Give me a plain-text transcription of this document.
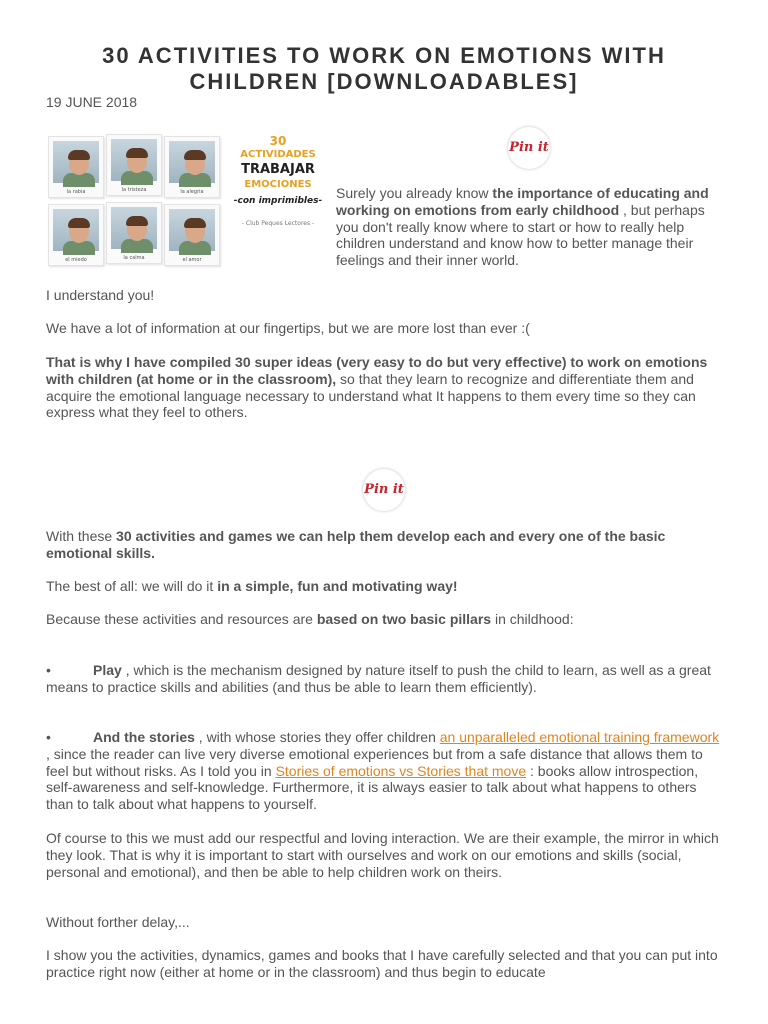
30 ACTIVITIES TO WORK ON EMOTIONS WITH CHILDREN [DOWNLOADABLES]
19 JUNE 2018
la rabia	la tristeza	la alegria
el miedo	la calma	el amor
30
ACTIVIDADES
TRABAJAR
EMOCIONES
-con imprimibles-
- Club Peques Lectores -
Pin it

Surely you already know the importance of educating and working on emotions from early childhood , but perhaps you don't really know where to start or how to really help children understand and know how to better manage their feelings and their inner world.

I understand you!

We have a lot of information at our fingertips, but we are more lost than ever :(

That is why I have compiled 30 super ideas (very easy to do but very effective) to work on emotions with children (at home or in the classroom), so that they learn to recognize and differentiate them and acquire the emotional language necessary to understand what It happens to them every time so they can express what they feel to others.

Pin it

With these 30 activities and games we can help them develop each and every one of the basic emotional skills.

The best of all: we will do it in a simple, fun and motivating way!

Because these activities and resources are based on two basic pillars in childhood:

•	Play , which is the mechanism designed by nature itself to push the child to learn, as well as a great means to practice skills and abilities (and thus be able to learn them efficiently).

•	And the stories , with whose stories they offer children an unparalleled emotional training framework , since the reader can live very diverse emotional experiences but from a safe distance that allows them to feel but without risks. As I told you in Stories of emotions vs Stories that move : books allow introspection, self-awareness and self-knowledge. Furthermore, it is always easier to talk about what happens to others than to talk about what happens to yourself.

Of course to this we must add our respectful and loving interaction. We are their example, the mirror in which they look. That is why it is important to start with ourselves and work on our emotions and skills (social, personal and emotional), and then be able to help children work on theirs.

Without forther delay,...

I show you the activities, dynamics, games and books that I have carefully selected and that you can put into practice right now (either at home or in the classroom) and thus begin to educate
